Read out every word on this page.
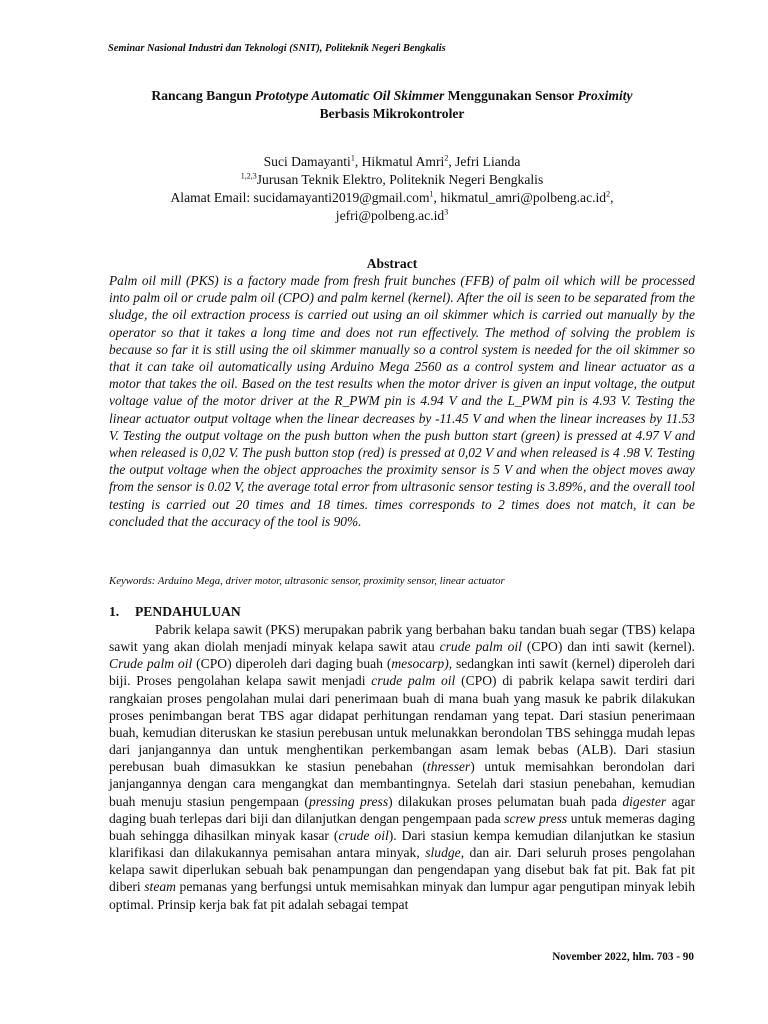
Seminar Nasional Industri dan Teknologi (SNIT), Politeknik Negeri Bengkalis
Rancang Bangun Prototype Automatic Oil Skimmer Menggunakan Sensor Proximity
Berbasis Mikrokontroler
Suci Damayanti$^1$, Hikmatul Amri$^2$, Jefri Lianda
$^{1,2,3}$Jurusan Teknik Elektro, Politeknik Negeri Bengkalis
Alamat Email: sucidamayanti2019@gmail.com$^1$, $hikmatul\_amri@polbeng.ac.id^2$,
$jefri@polbeng.ac.id^3$
Abstract
Palm oil mill (PKS) is a factory made from fresh fruit bunches (FFB) of palm oil which will be processed into palm oil or crude palm oil (CPO) and palm kernel (kernel). After the oil is seen to be separated from the sludge, the oil extraction process is carried out using an oil skimmer which is carried out manually by the operator so that it takes a long time and does not run effectively. The method of solving the problem is because so far it is still using the oil skimmer manually so a control system is needed for the oil skimmer so that it can take oil automatically using Arduino Mega 2560 as a control system and linear actuator as a motor that takes the oil. Based on the test results when the motor driver is given an input voltage, the output voltage value of the motor driver at the R_PWM pin is 4.94 V and the L_PWM pin is 4.93 V. Testing the linear actuator output voltage when the linear decreases by -11.45 V and when the linear increases by 11.53 V. Testing the output voltage on the push button when the push button start (green) is pressed at 4.97 V and when released is 0,02 V. The push button stop (red) is pressed at 0,02 V and when released is 4 .98 V. Testing the output voltage when the object approaches the proximity sensor is 5 V and when the object moves away from the sensor is 0.02 V, the average total error from ultrasonic sensor testing is 3.89%, and the overall tool testing is carried out 20 times and 18 times. times corresponds to 2 times does not match, it can be concluded that the accuracy of the tool is 90%.
Keywords: Arduino Mega, driver motor, ultrasonic sensor, proximity sensor, linear actuator
1. PENDAHULUAN
Pabrik kelapa sawit (PKS) merupakan pabrik yang berbahan baku tandan buah segar (TBS) kelapa sawit yang akan diolah menjadi minyak kelapa sawit atau crude palm oil (CPO) dan inti sawit (kernel). Crude palm oil (CPO) diperoleh dari daging buah (mesocarp), sedangkan inti sawit (kernel) diperoleh dari biji. Proses pengolahan kelapa sawit menjadi crude palm oil (CPO) di pabrik kelapa sawit terdiri dari rangkaian proses pengolahan mulai dari penerimaan buah di mana buah yang masuk ke pabrik dilakukan proses penimbangan berat TBS agar didapat perhitungan rendaman yang tepat. Dari stasiun penerimaan buah, kemudian diteruskan ke stasiun perebusan untuk melunakkan berondolan TBS sehingga mudah lepas dari janjangannya dan untuk menghentikan perkembangan asam lemak bebas (ALB). Dari stasiun perebusan buah dimasukkan ke stasiun penebahan (thresser) untuk memisahkan berondolan dari janjangannya dengan cara mengangkat dan membantingnya. Setelah dari stasiun penebahan, kemudian buah menuju stasiun pengempaan (pressing press) dilakukan proses pelumatan buah pada digester agar daging buah terlepas dari biji dan dilanjutkan dengan pengempaan pada screw press untuk memeras daging buah sehingga dihasilkan minyak kasar (crude oil). Dari stasiun kempa kemudian dilanjutkan ke stasiun klarifikasi dan dilakukannya pemisahan antara minyak, sludge, dan air. Dari seluruh proses pengolahan kelapa sawit diperlukan sebuah bak penampungan dan pengendapan yang disebut bak fat pit. Bak fat pit diberi steam pemanas yang berfungsi untuk memisahkan minyak dan lumpur agar pengutipan minyak lebih optimal. Prinsip kerja bak fat pit adalah sebagai tempat
November 2022, hlm. 703 - 90
